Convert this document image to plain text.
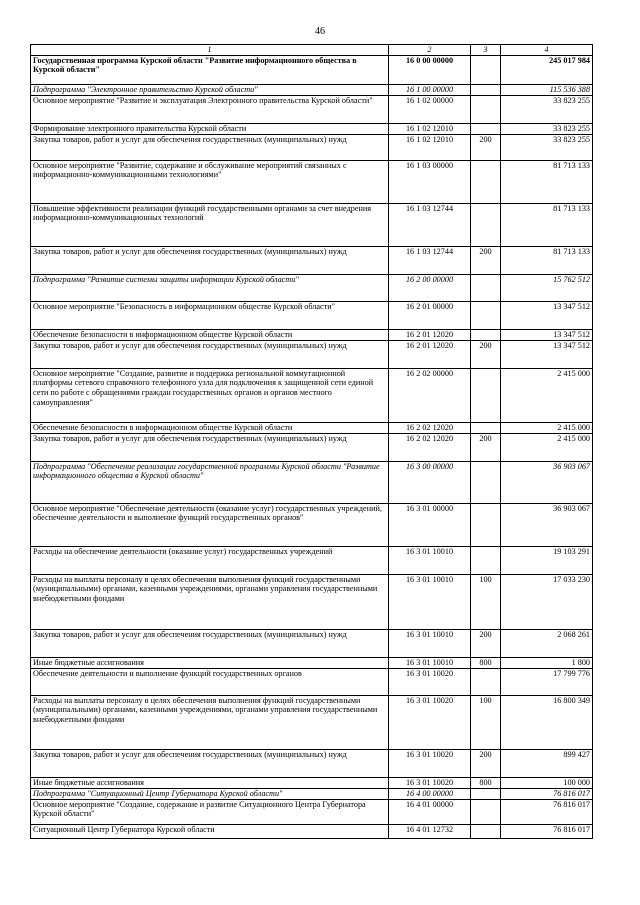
46
1	2	3	4
Государственная программа Курской области "Развитие информационного общества в Курской области"	16 0 00 00000		245 017 984
Подпрограмма "Электронное правительство Курской области"	16 1 00 00000		115 536 388
Основное мероприятие "Развитие и эксплуатация Электронного правительства Курской области"	16 1 02 00000		33 823 255
Формирование электронного правительства Курской области	16 1 02 12010		33 823 255
Закупка товаров, работ и услуг для обеспечения государственных (муниципальных) нужд	16 1 02 12010	200	33 823 255
Основное мероприятие "Развитие, содержание и обслуживание мероприятий связанных с информационно-коммуникационными технологиями"	16 1 03 00000		81 713 133
Повышение эффективности реализации функций государственными органами за счет внедрения информационно-коммуникационных технологий	16 1 03 12744		81 713 133
Закупка товаров, работ и услуг для обеспечения государственных (муниципальных) нужд	16 1 03 12744	200	81 713 133
Подпрограмма "Развитие системы защиты информации Курской области"	16 2 00 00000		15 762 512
Основное мероприятие "Безопасность в информационном обществе Курской области"	16 2 01 00000		13 347 512
Обеспечение безопасности в информационном обществе Курской области	16 2 01 12020		13 347 512
Закупка товаров, работ и услуг для обеспечения государственных (муниципальных) нужд	16 2 01 12020	200	13 347 512
Основное мероприятие "Создание, развитие и поддержка региональной коммутационной платформы сетевого справочного телефонного узла для подключения к защищенной сети единой сети по работе с обращениями граждан государственных органов и органов местного самоуправления"	16 2 02 00000		2 415 000
Обеспечение безопасности в информационном обществе Курской области	16 2 02 12020		2 415 000
Закупка товаров, работ и услуг для обеспечения государственных (муниципальных) нужд	16 2 02 12020	200	2 415 000
Подпрограмма "Обеспечение реализации государственной программы Курской области "Развитие информационного общества в Курской области"	16 3 00 00000		36 903 067
Основное мероприятие "Обеспечение деятельности (оказание услуг) государственных учреждений, обеспечение деятельности и выполнение функций государственных органов"	16 3 01 00000		36 903 067
Расходы на обеспечение деятельности (оказание услуг) государственных учреждений	16 3 01 10010		19 103 291
Расходы на выплаты персоналу в целях обеспечения выполнения функций государственными (муниципальными) органами, казенными учреждениями, органами управления государственными внебюджетными фондами	16 3 01 10010	100	17 033 230
Закупка товаров, работ и услуг для обеспечения государственных (муниципальных) нужд	16 3 01 10010	200	2 068 261
Иные бюджетные ассигнования	16 3 01 10010	800	1 800
Обеспечение деятельности и выполнение функций государственных органов	16 3 01 10020		17 799 776
Расходы на выплаты персоналу в целях обеспечения выполнения функций государственными (муниципальными) органами, казенными учреждениями, органами управления государственными внебюджетными фондами	16 3 01 10020	100	16 800 349
Закупка товаров, работ и услуг для обеспечения государственных (муниципальных) нужд	16 3 01 10020	200	899 427
Иные бюджетные ассигнования	16 3 01 10020	800	100 000
Подпрограмма "Ситуационный Центр Губернатора Курской области"	16 4 00 00000		76 816 017
Основное мероприятие "Создание, содержание и развитие Ситуационного Центра Губернатора Курской области"	16 4 01 00000		76 816 017
Ситуационный Центр Губернатора Курской области	16 4 01 12732		76 816 017
